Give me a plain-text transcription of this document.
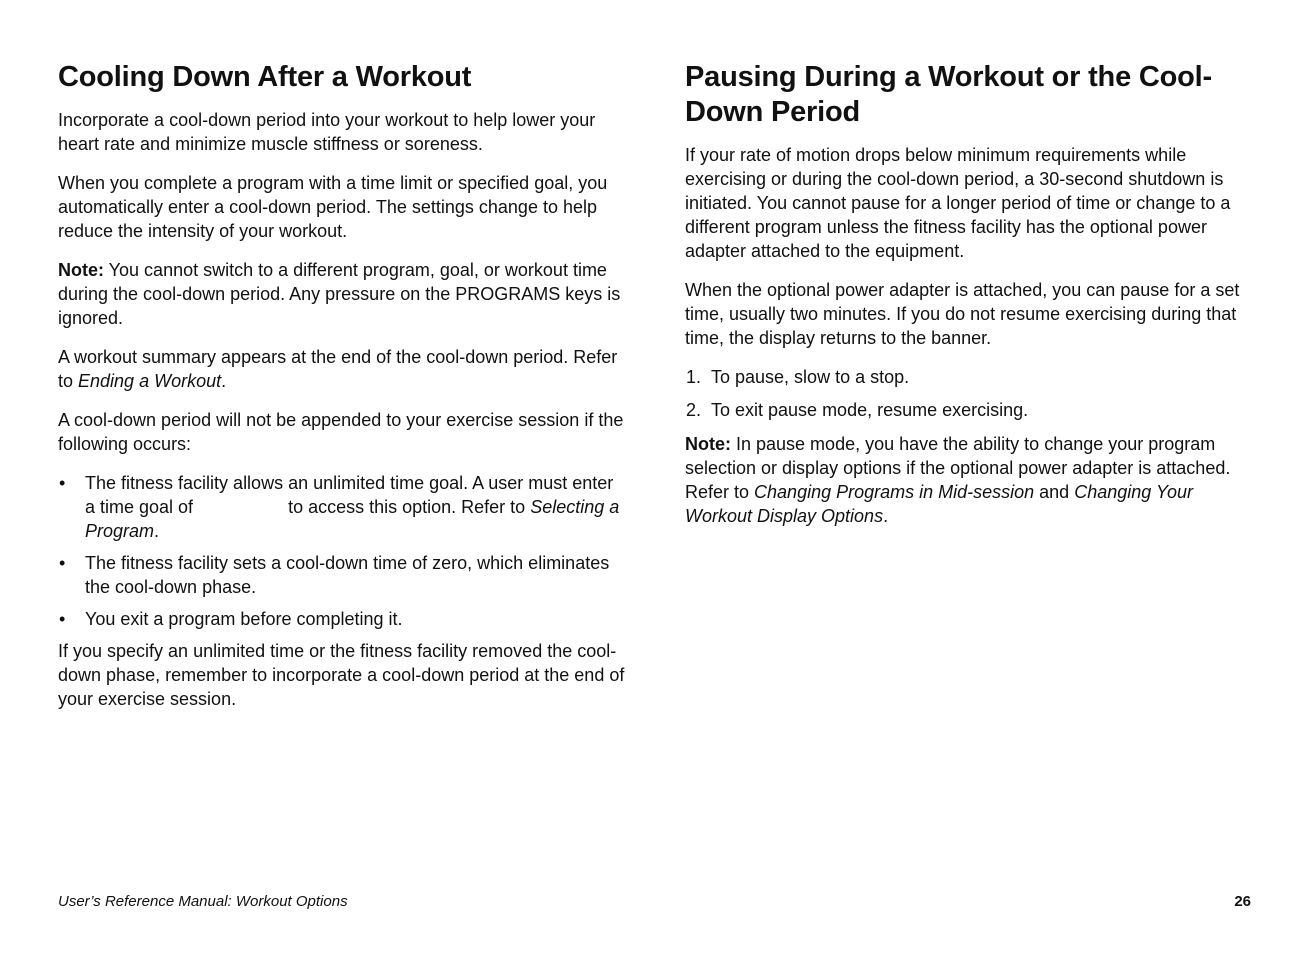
Cooling Down After a Workout

Incorporate a cool-down period into your workout to help lower your heart rate and minimize muscle stiffness or soreness.

When you complete a program with a time limit or specified goal, you automatically enter a cool-down period. The settings change to help reduce the intensity of your workout.

Note: You cannot switch to a different program, goal, or workout time during the cool-down period. Any pressure on the PROGRAMS keys is ignored.

A workout summary appears at the end of the cool-down period. Refer to Ending a Workout.

A cool-down period will not be appended to your exercise session if the following occurs:

• The fitness facility allows an unlimited time goal. A user must enter a time goal of	to access this option. Refer to Selecting a Program.
• The fitness facility sets a cool-down time of zero, which eliminates the cool-down phase.
• You exit a program before completing it.

If you specify an unlimited time or the fitness facility removed the cool-down phase, remember to incorporate a cool-down period at the end of your exercise session.

Pausing During a Workout or the Cool-Down Period

If your rate of motion drops below minimum requirements while exercising or during the cool-down period, a 30-second shutdown is initiated. You cannot pause for a longer period of time or change to a different program unless the fitness facility has the optional power adapter attached to the equipment.

When the optional power adapter is attached, you can pause for a set time, usually two minutes. If you do not resume exercising during that time, the display returns to the banner.

1. To pause, slow to a stop.
2. To exit pause mode, resume exercising.

Note: In pause mode, you have the ability to change your program selection or display options if the optional power adapter is attached. Refer to Changing Programs in Mid-session and Changing Your Workout Display Options.

User’s Reference Manual: Workout Options	26
